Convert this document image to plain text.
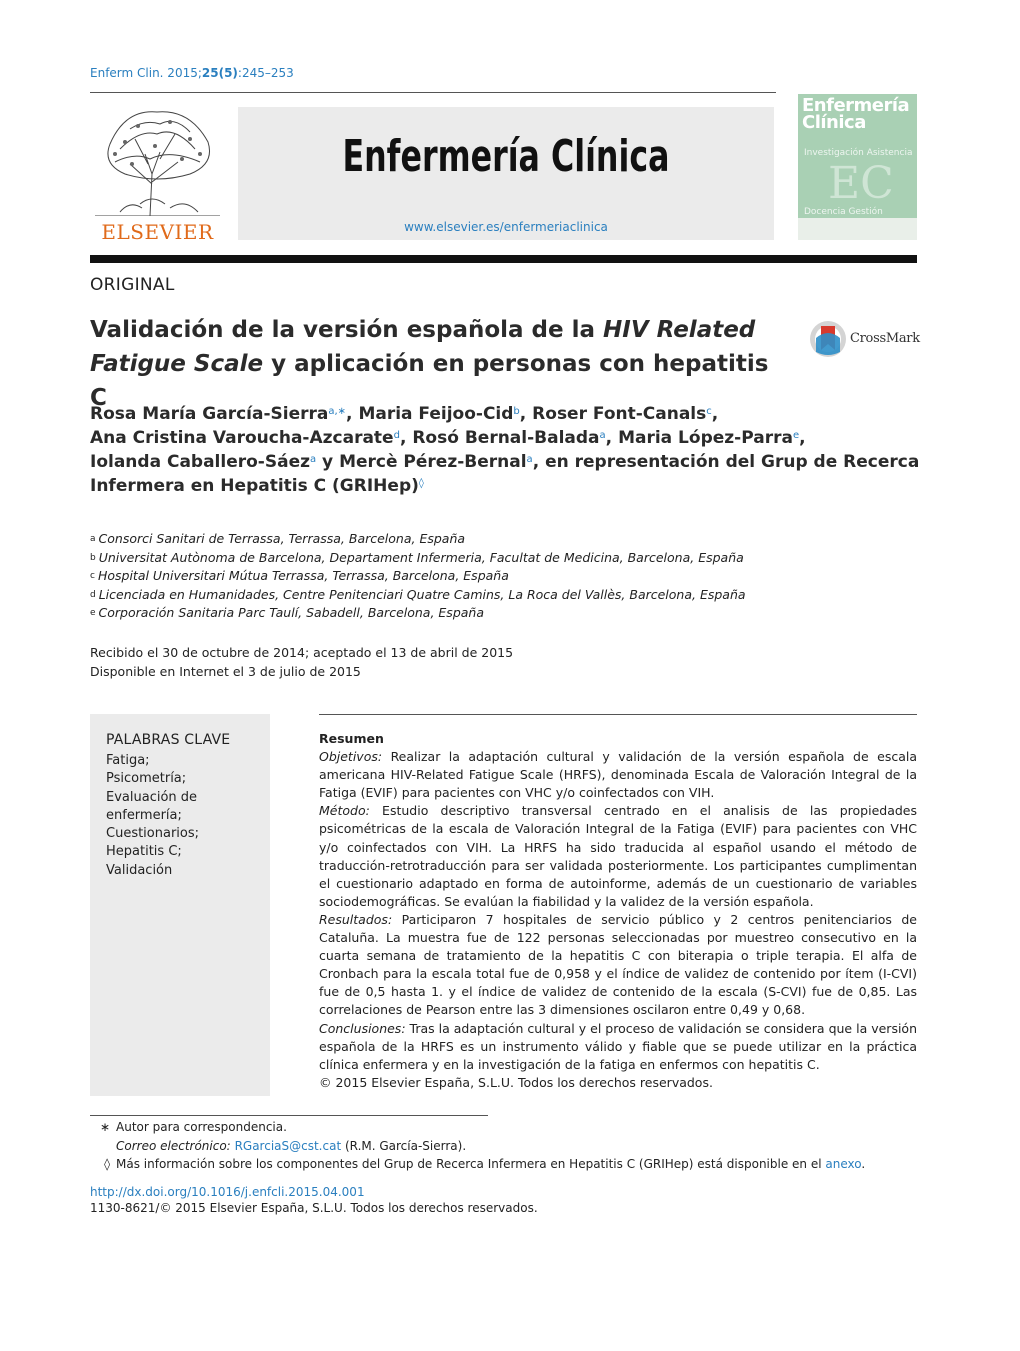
Enferm Clin. 2015;25(5):245–253
ELSEVIER
Enfermería Clínica
www.elsevier.es/enfermeriaclinica
Enfermería
Clínica
Investigación Asistencia
EC
Docencia Gestión
ORIGINAL
Validación de la versión española de la HIV Related
Fatigue Scale y aplicación en personas con hepatitis C
CrossMark
Rosa María García-Sierra$^{a,∗}$, Maria Feijoo-Cid$^b$, Roser Font-Canals$^c$,
Ana Cristina Varoucha-Azcarate$^d$, Rosó Bernal-Balada$^a$, Maria López-Parra$^e$,
Iolanda Caballero-Sáez$^a$ y Mercè Pérez-Bernal$^a$, en representación del Grup de Recerca
Infermera en Hepatitis C (GRIHep)◊
$^a$ Consorci Sanitari de Terrassa, Terrassa, Barcelona, España
$^b$ Universitat Autònoma de Barcelona, Departament Infermeria, Facultat de Medicina, Barcelona, España
$^c$ Hospital Universitari Mútua Terrassa, Terrassa, Barcelona, España
$^d$ Licenciada en Humanidades, Centre Penitenciari Quatre Camins, La Roca del Vallès, Barcelona, España
$^e$ Corporación Sanitaria Parc Taulí, Sabadell, Barcelona, España
Recibido el 30 de octubre de 2014; aceptado el 13 de abril de 2015
Disponible en Internet el 3 de julio de 2015
PALABRAS CLAVE
Fatiga;
Psicometría;
Evaluación de
enfermería;
Cuestionarios;
Hepatitis C;
Validación
Resumen
Objetivos: Realizar la adaptación cultural y validación de la versión española de escala americana HIV-Related Fatigue Scale (HRFS), denominada Escala de Valoración Integral de la Fatiga (EVIF) para pacientes con VHC y/o coinfectados con VIH.
Método: Estudio descriptivo transversal centrado en el analisis de las propiedades psicométricas de la escala de Valoración Integral de la Fatiga (EVIF) para pacientes con VHC y/o coinfectados con VIH. La HRFS ha sido traducida al español usando el método de traducción-retrotraducción para ser validada posteriormente. Los participantes cumplimentan el cuestionario adaptado en forma de autoinforme, además de un cuestionario de variables sociodemográficas. Se evalúan la fiabilidad y la validez de la versión española.
Resultados: Participaron 7 hospitales de servicio público y 2 centros penitenciarios de Cataluña. La muestra fue de 122 personas seleccionadas por muestreo consecutivo en la cuarta semana de tratamiento de la hepatitis C con biterapia o triple terapia. El alfa de Cronbach para la escala total fue de 0,958 y el índice de validez de contenido por ítem (I-CVI) fue de 0,5 hasta 1. y el índice de validez de contenido de la escala (S-CVI) fue de 0,85. Las correlaciones de Pearson entre las 3 dimensiones oscilaron entre 0,49 y 0,68.
Conclusiones: Tras la adaptación cultural y el proceso de validación se considera que la versión española de la HRFS es un instrumento válido y fiable que se puede utilizar en la práctica clínica enfermera y en la investigación de la fatiga en enfermos con hepatitis C.
© 2015 Elsevier España, S.L.U. Todos los derechos reservados.
∗ Autor para correspondencia.
Correo electrónico: RGarciaS@cst.cat (R.M. García-Sierra).
◊ Más información sobre los componentes del Grup de Recerca Infermera en Hepatitis C (GRIHep) está disponible en el anexo.
http://dx.doi.org/10.1016/j.enfcli.2015.04.001
1130-8621/© 2015 Elsevier España, S.L.U. Todos los derechos reservados.
